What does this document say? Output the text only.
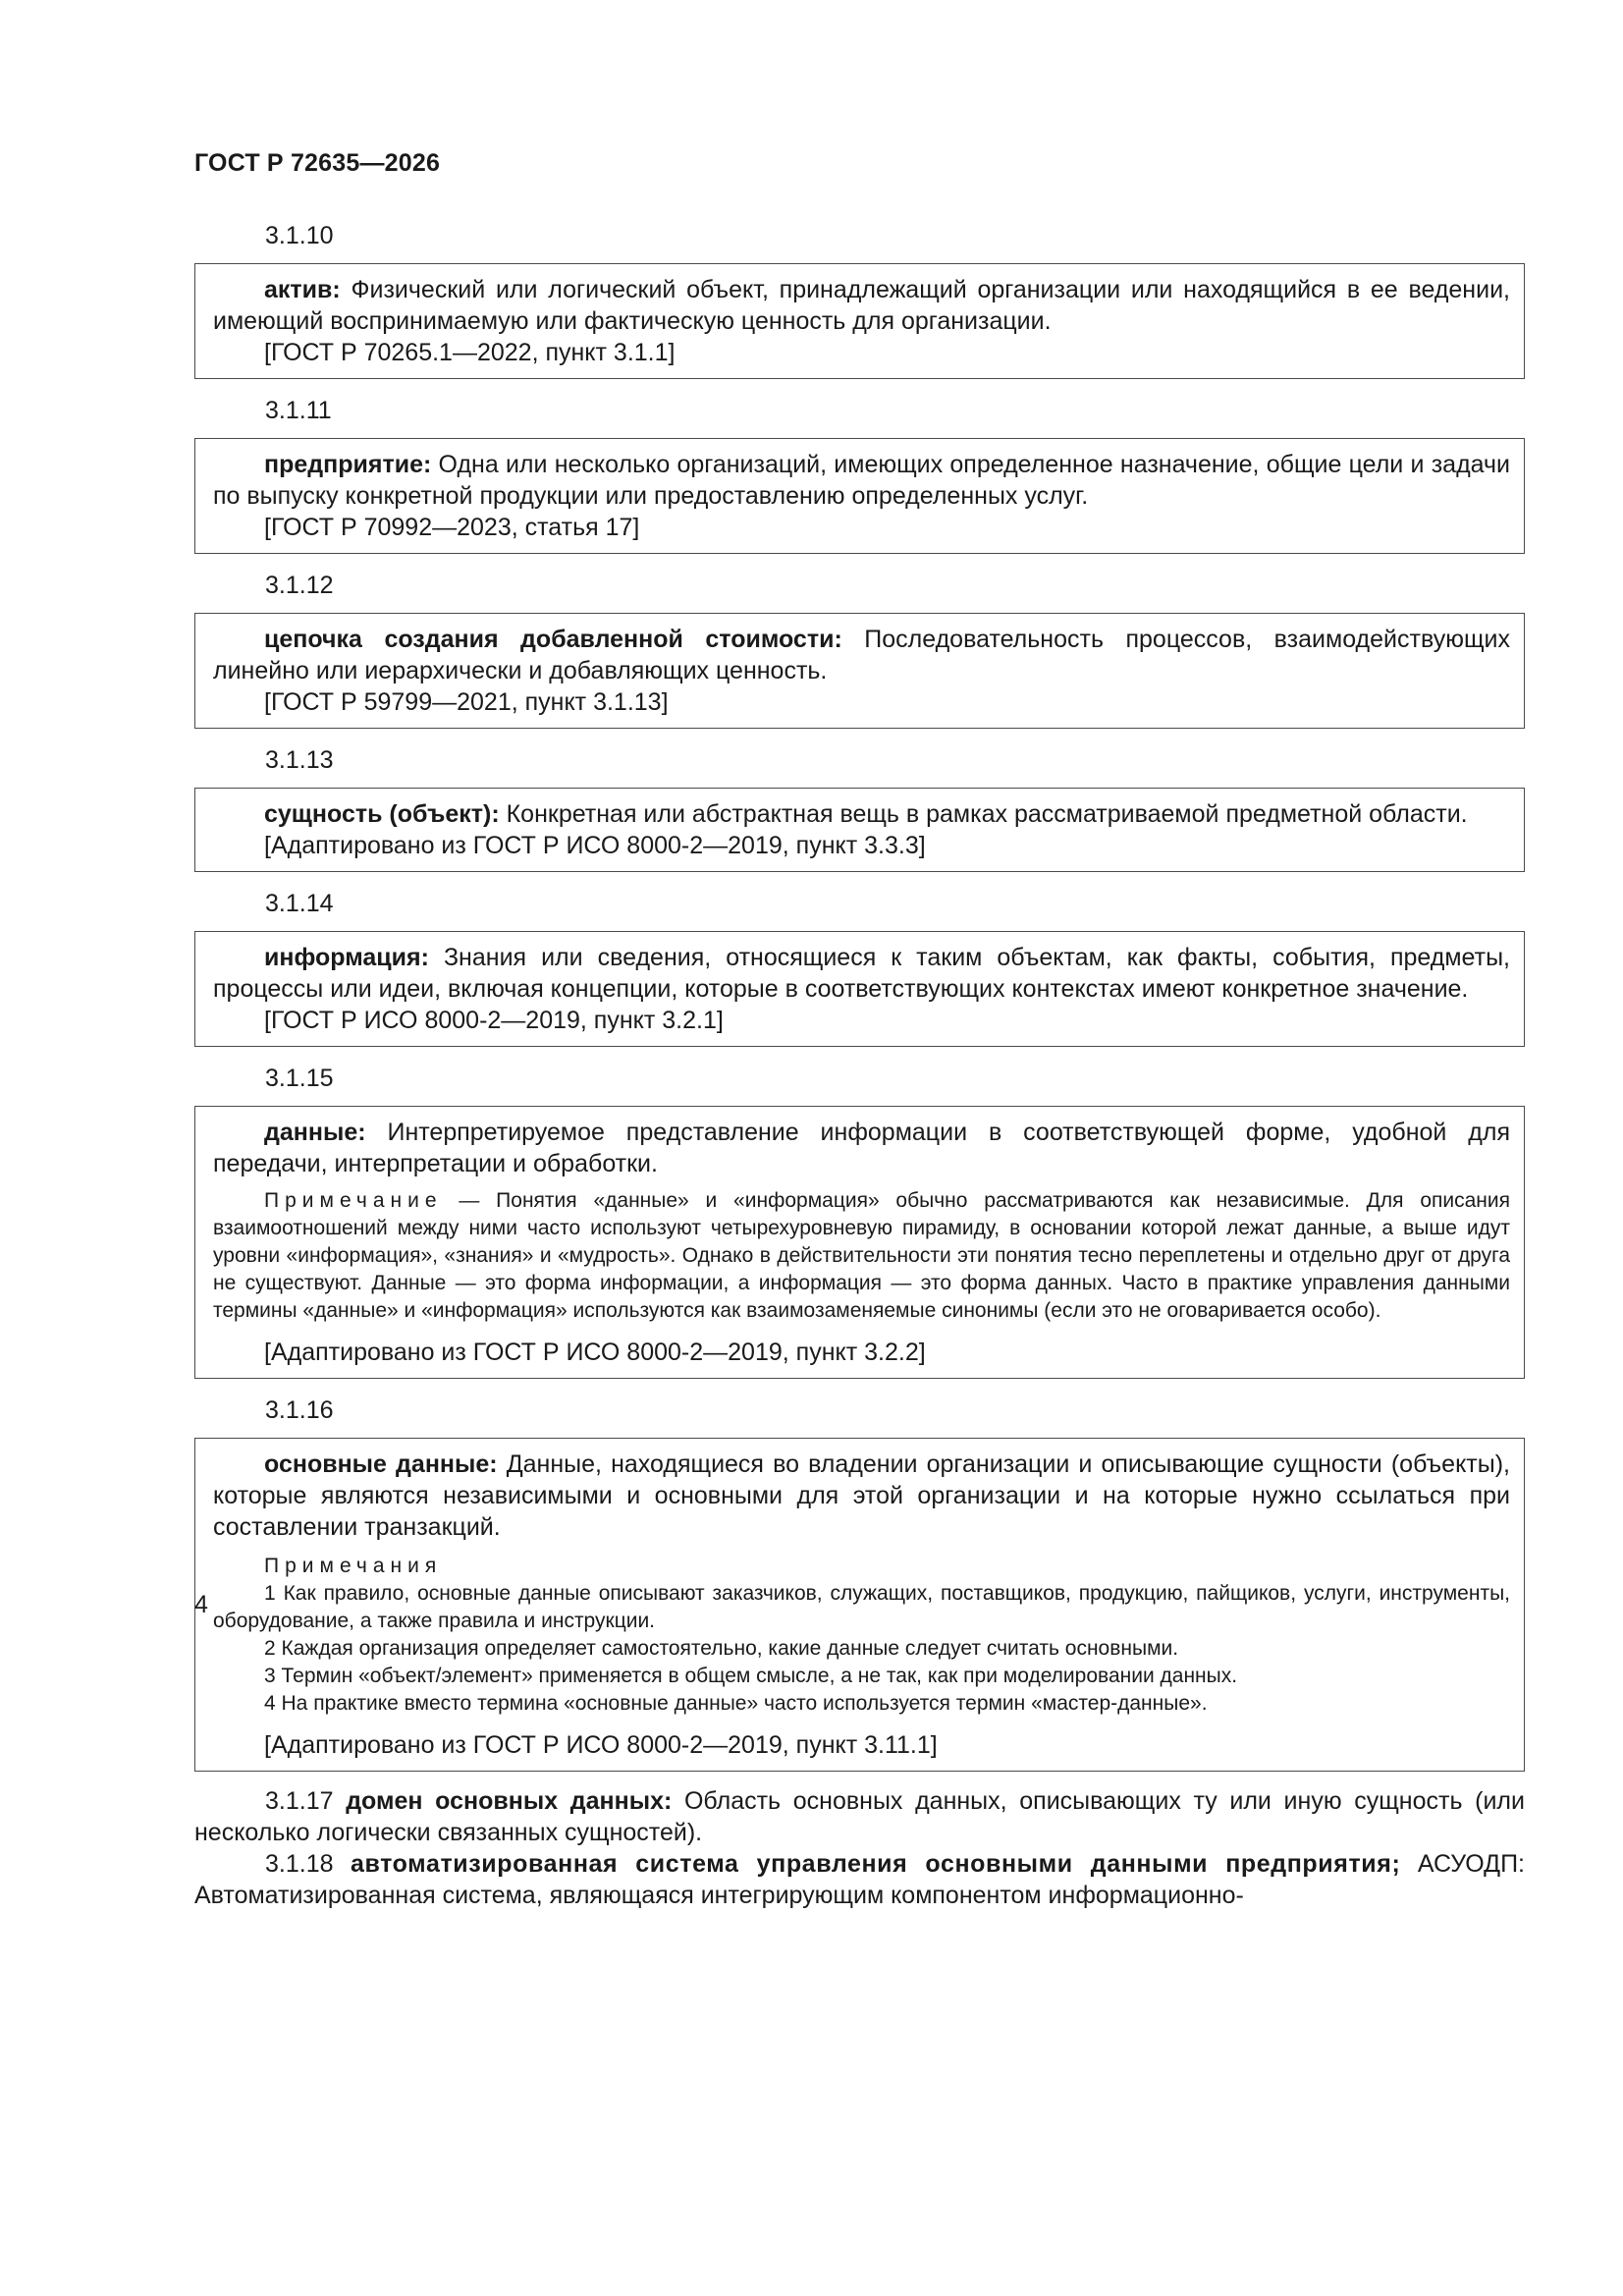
ГОСТ Р 72635—2026

3.1.10

актив: Физический или логический объект, принадлежащий организации или находящийся в ее ведении, имеющий воспринимаемую или фактическую ценность для организации.

[ГОСТ Р 70265.1—2022, пункт 3.1.1]

3.1.11

предприятие: Одна или несколько организаций, имеющих определенное назначение, общие цели и задачи по выпуску конкретной продукции или предоставлению определенных услуг.

[ГОСТ Р 70992—2023, статья 17]

3.1.12

цепочка создания добавленной стоимости: Последовательность процессов, взаимодействующих линейно или иерархически и добавляющих ценность.

[ГОСТ Р 59799—2021, пункт 3.1.13]

3.1.13

сущность (объект): Конкретная или абстрактная вещь в рамках рассматриваемой предметной области.

[Адаптировано из ГОСТ Р ИСО 8000-2—2019, пункт 3.3.3]

3.1.14

информация: Знания или сведения, относящиеся к таким объектам, как факты, события, предметы, процессы или идеи, включая концепции, которые в соответствующих контекстах имеют конкретное значение.

[ГОСТ Р ИСО 8000-2—2019, пункт 3.2.1]

3.1.15

данные: Интерпретируемое представление информации в соответствующей форме, удобной для передачи, интерпретации и обработки.

Примечание — Понятия «данные» и «информация» обычно рассматриваются как независимые. Для описания взаимоотношений между ними часто используют четырехуровневую пирамиду, в основании которой лежат данные, а выше идут уровни «информация», «знания» и «мудрость». Однако в действительности эти понятия тесно переплетены и отдельно друг от друга не существуют. Данные — это форма информации, а информация — это форма данных. Часто в практике управления данными термины «данные» и «информация» используются как взаимозаменяемые синонимы (если это не оговаривается особо).

[Адаптировано из ГОСТ Р ИСО 8000-2—2019, пункт 3.2.2]

3.1.16

основные данные: Данные, находящиеся во владении организации и описывающие сущности (объекты), которые являются независимыми и основными для этой организации и на которые нужно ссылаться при составлении транзакций.

Примечания

1 Как правило, основные данные описывают заказчиков, служащих, поставщиков, продукцию, пайщиков, услуги, инструменты, оборудование, а также правила и инструкции.

2 Каждая организация определяет самостоятельно, какие данные следует считать основными.

3 Термин «объект/элемент» применяется в общем смысле, а не так, как при моделировании данных.

4 На практике вместо термина «основные данные» часто используется термин «мастер-данные».

[Адаптировано из ГОСТ Р ИСО 8000-2—2019, пункт 3.11.1]

3.1.17 домен основных данных: Область основных данных, описывающих ту или иную сущность (или несколько логически связанных сущностей).

3.1.18 автоматизированная система управления основными данными предприятия; АСУОДП: Автоматизированная система, являющаяся интегрирующим компонентом информационно-

4
